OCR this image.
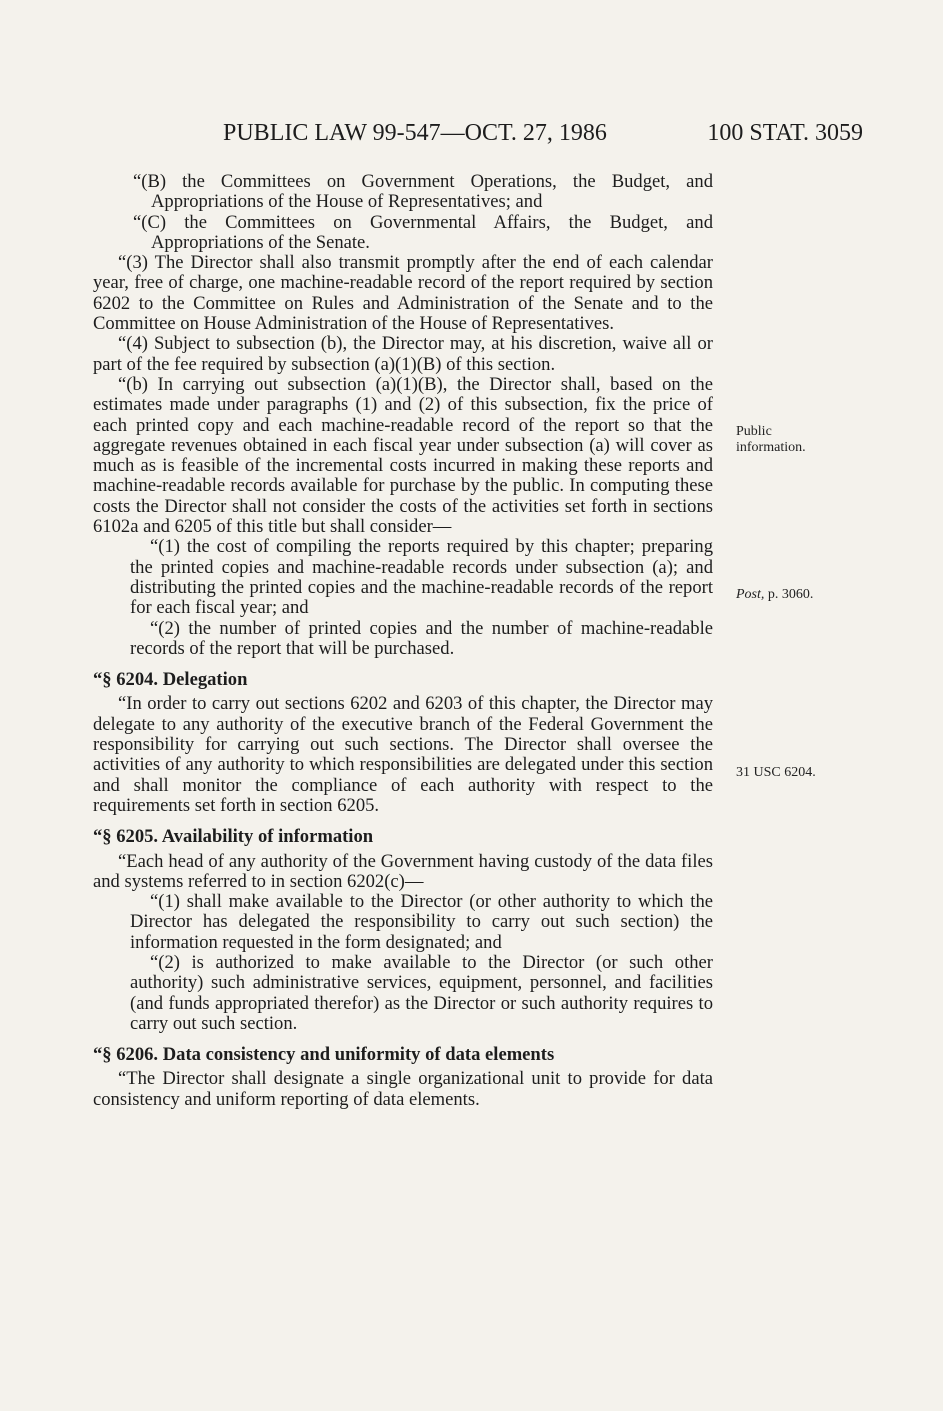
PUBLIC LAW 99-547—OCT. 27, 1986	100 STAT. 3059

“(B) the Committees on Government Operations, the Budget, and Appropriations of the House of Representatives; and

“(C) the Committees on Governmental Affairs, the Budget, and Appropriations of the Senate.

“(3) The Director shall also transmit promptly after the end of each calendar year, free of charge, one machine-readable record of the report required by section 6202 to the Committee on Rules and Administration of the Senate and to the Committee on House Administration of the House of Representatives.

“(4) Subject to subsection (b), the Director may, at his discretion, waive all or part of the fee required by subsection (a)(1)(B) of this section.

“(b) In carrying out subsection (a)(1)(B), the Director shall, based on the estimates made under paragraphs (1) and (2) of this subsection, fix the price of each printed copy and each machine-readable record of the report so that the aggregate revenues obtained in each fiscal year under subsection (a) will cover as much as is feasible of the incremental costs incurred in making these reports and machine-readable records available for purchase by the public. In computing these costs the Director shall not consider the costs of the activities set forth in sections 6102a and 6205 of this title but shall consider—

“(1) the cost of compiling the reports required by this chapter; preparing the printed copies and machine-readable records under subsection (a); and distributing the printed copies and the machine-readable records of the report for each fiscal year; and

“(2) the number of printed copies and the number of machine-readable records of the report that will be purchased.

“§ 6204. Delegation

“In order to carry out sections 6202 and 6203 of this chapter, the Director may delegate to any authority of the executive branch of the Federal Government the responsibility for carrying out such sections. The Director shall oversee the activities of any authority to which responsibilities are delegated under this section and shall monitor the compliance of each authority with respect to the requirements set forth in section 6205.

“§ 6205. Availability of information

“Each head of any authority of the Government having custody of the data files and systems referred to in section 6202(c)—

“(1) shall make available to the Director (or other authority to which the Director has delegated the responsibility to carry out such section) the information requested in the form designated; and

“(2) is authorized to make available to the Director (or such other authority) such administrative services, equipment, personnel, and facilities (and funds appropriated therefor) as the Director or such authority requires to carry out such section.

“§ 6206. Data consistency and uniformity of data elements

“The Director shall designate a single organizational unit to provide for data consistency and uniform reporting of data elements.

Public
information.
Post, p. 3060.
31 USC 6204.
